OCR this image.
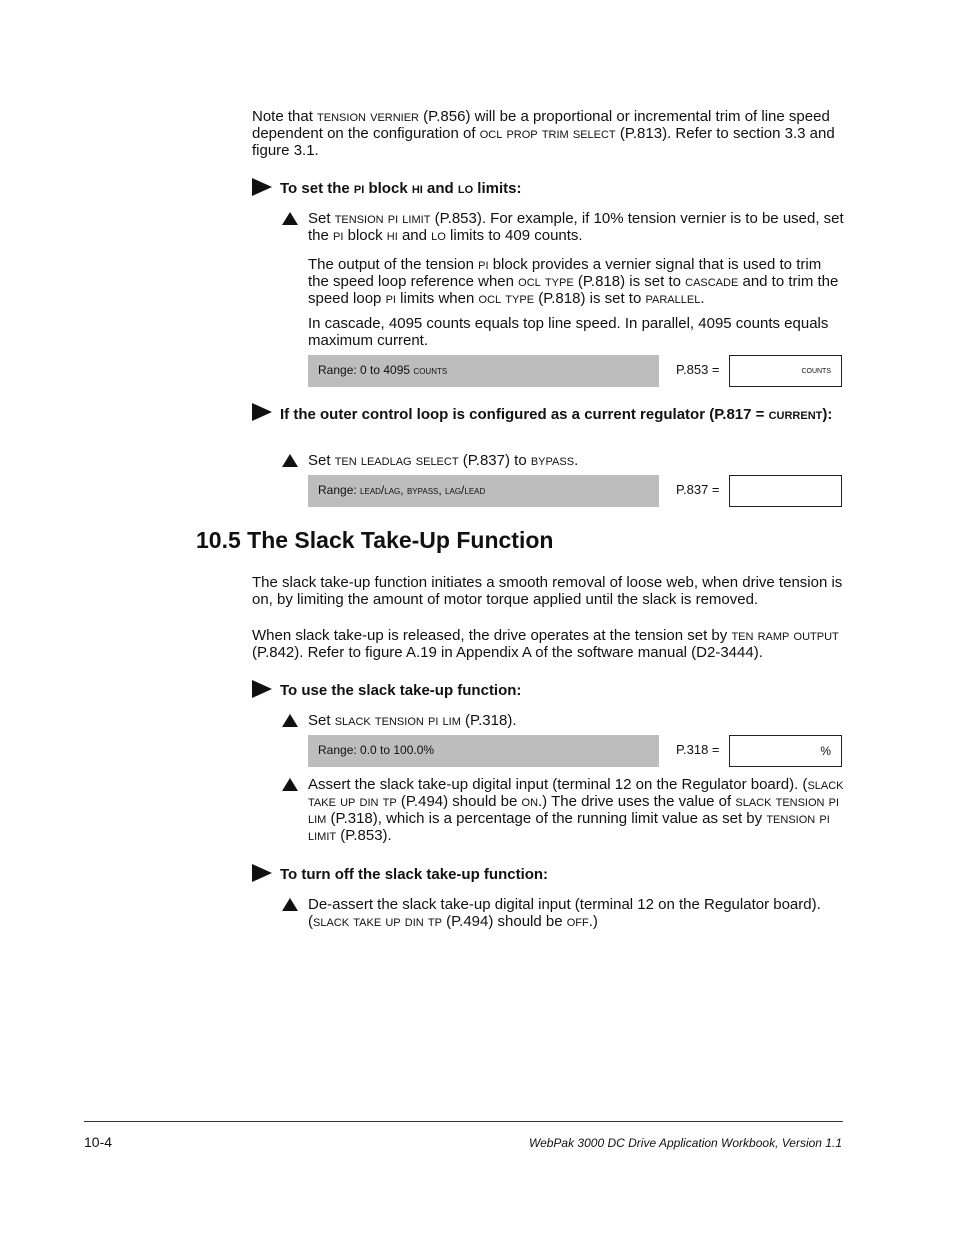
Note that tension vernier (P.856) will be a proportional or incremental trim of line speed dependent on the configuration of ocl prop trim select (P.813). Refer to section 3.3 and figure 3.1.
To set the pi block hi and lo limits:
Set tension pi limit (P.853). For example, if 10% tension vernier is to be used, set the pi block hi and lo limits to 409 counts.
The output of the tension pi block provides a vernier signal that is used to trim the speed loop reference when ocl type (P.818) is set to cascade and to trim the speed loop pi limits when ocl type (P.818) is set to parallel.
In cascade, 4095 counts equals top line speed. In parallel, 4095 counts equals maximum current.
Range: 0 to 4095 counts	P.853 =	counts
If the outer control loop is configured as a current regulator (P.817 = current):
Set ten leadlag select (P.837) to bypass.
Range: lead/lag, bypass, lag/lead	P.837 =
10.5 The Slack Take-Up Function
The slack take-up function initiates a smooth removal of loose web, when drive tension is on, by limiting the amount of motor torque applied until the slack is removed.
When slack take-up is released, the drive operates at the tension set by ten ramp output (P.842). Refer to figure A.19 in Appendix A of the software manual (D2-3444).
To use the slack take-up function:
Set slack tension pi lim (P.318).
Range: 0.0 to 100.0%	P.318 =	%
Assert the slack take-up digital input (terminal 12 on the Regulator board). (slack take up din tp (P.494) should be on.) The drive uses the value of slack tension pi lim (P.318), which is a percentage of the running limit value as set by tension pi limit (P.853).
To turn off the slack take-up function:
De-assert the slack take-up digital input (terminal 12 on the Regulator board). (slack take up din tp (P.494) should be off.)
10-4	WebPak 3000 DC Drive Application Workbook, Version 1.1
